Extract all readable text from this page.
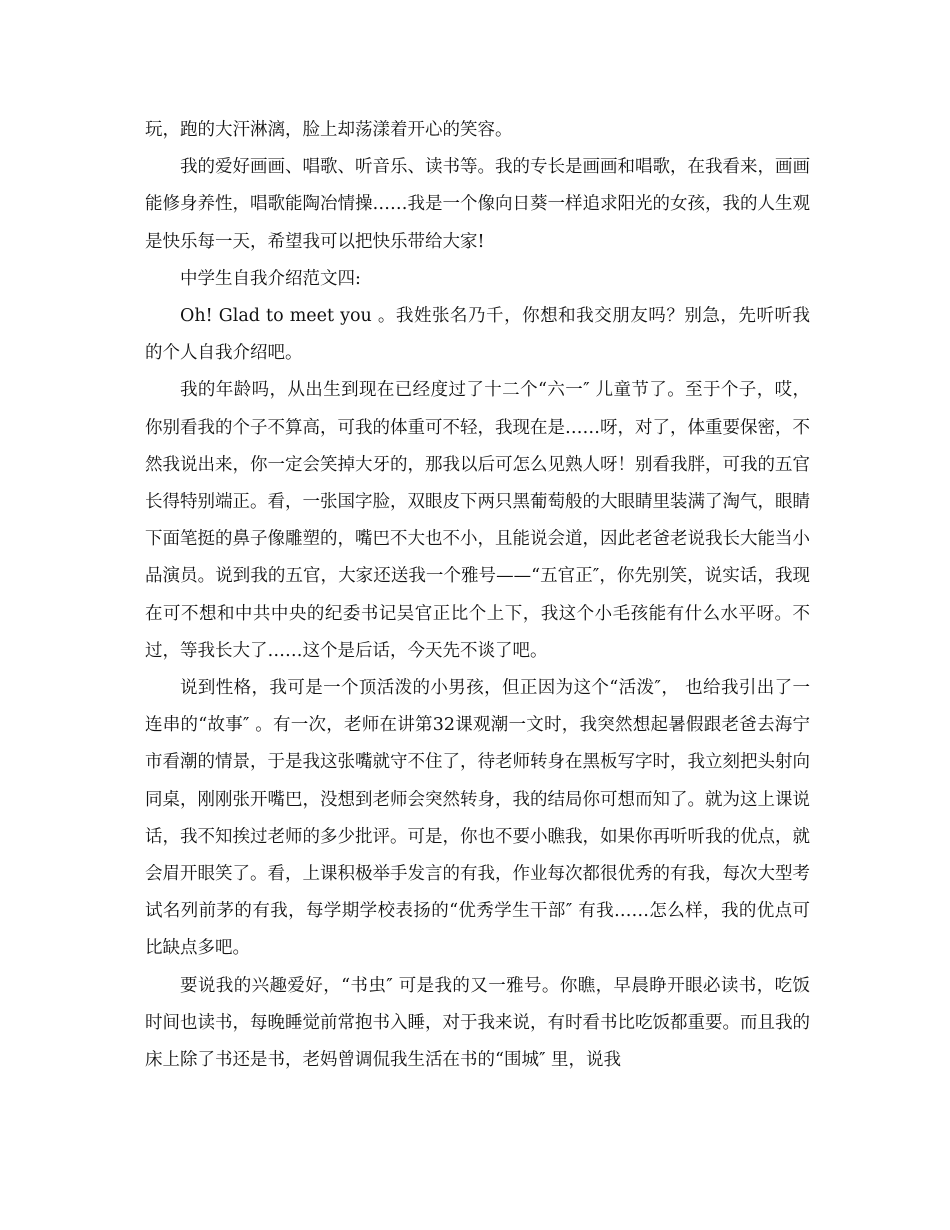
玩，跑的大汗淋漓，脸上却荡漾着开心的笑容。

我的爱好画画、唱歌、听音乐、读书等。我的专长是画画和唱歌，在我看来，画画能修身养性，唱歌能陶冶情操……我是一个像向日葵一样追求阳光的女孩，我的人生观是快乐每一天，希望我可以把快乐带给大家!

中学生自我介绍范文四:

Oh! Glad to meet you 。我姓张名乃千，你想和我交朋友吗？别急，先听听我的个人自我介绍吧。

我的年龄吗，从出生到现在已经度过了十二个“六一″ 儿童节了。至于个子，哎，你别看我的个子不算高，可我的体重可不轻，我现在是……呀，对了，体重要保密，不然我说出来，你一定会笑掉大牙的，那我以后可怎么见熟人呀！别看我胖，可我的五官长得特别端正。看，一张国字脸，双眼皮下两只黑葡萄般的大眼睛里装满了淘气，眼睛下面笔挺的鼻子像雕塑的，嘴巴不大也不小，且能说会道，因此老爸老说我长大能当小品演员。说到我的五官，大家还送我一个雅号——“五官正″，你先别笑，说实话，我现在可不想和中共中央的纪委书记吴官正比个上下，我这个小毛孩能有什么水平呀。不过，等我长大了……这个是后话，今天先不谈了吧。

说到性格，我可是一个顶活泼的小男孩，但正因为这个“活泼″， 也给我引出了一连串的“故事″ 。有一次，老师在讲第32课观潮一文时，我突然想起暑假跟老爸去海宁市看潮的情景，于是我这张嘴就守不住了，待老师转身在黑板写字时，我立刻把头射向同桌，刚刚张开嘴巴，没想到老师会突然转身，我的结局你可想而知了。就为这上课说话，我不知挨过老师的多少批评。可是，你也不要小瞧我，如果你再听听我的优点，就会眉开眼笑了。看，上课积极举手发言的有我，作业每次都很优秀的有我，每次大型考试名列前茅的有我，每学期学校表扬的“优秀学生干部″ 有我……怎么样，我的优点可比缺点多吧。

要说我的兴趣爱好，“书虫″ 可是我的又一雅号。你瞧，早晨睁开眼必读书，吃饭时间也读书，每晚睡觉前常抱书入睡，对于我来说，有时看书比吃饭都重要。而且我的床上除了书还是书，老妈曾调侃我生活在书的“围城″ 里，说我
